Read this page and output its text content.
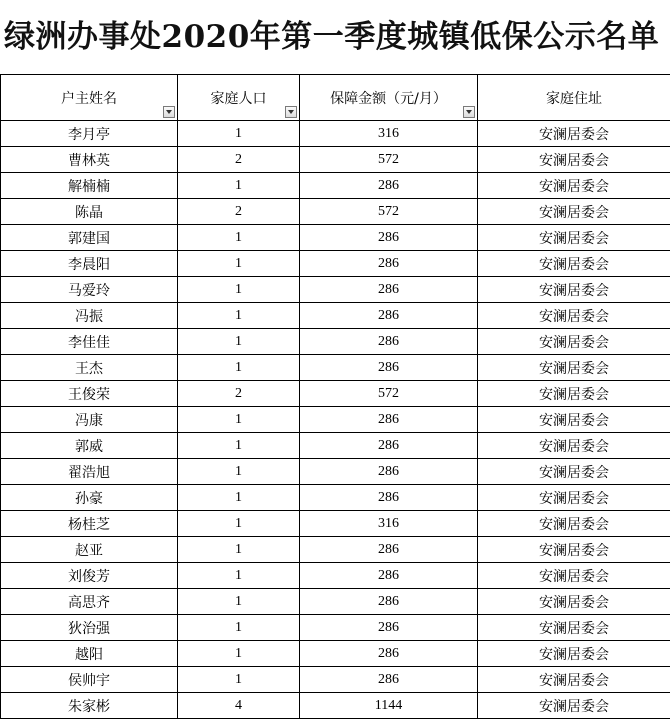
绿洲办事处2020年第一季度城镇低保公示名单
户主姓名	家庭人口	保障金额（元/月）	家庭住址
李月亭	1	316	安澜居委会
曹林英	2	572	安澜居委会
解楠楠	1	286	安澜居委会
陈晶	2	572	安澜居委会
郭建国	1	286	安澜居委会
李晨阳	1	286	安澜居委会
马爱玲	1	286	安澜居委会
冯振	1	286	安澜居委会
李佳佳	1	286	安澜居委会
王杰	1	286	安澜居委会
王俊荣	2	572	安澜居委会
冯康	1	286	安澜居委会
郭威	1	286	安澜居委会
翟浩旭	1	286	安澜居委会
孙豪	1	286	安澜居委会
杨桂芝	1	316	安澜居委会
赵亚	1	286	安澜居委会
刘俊芳	1	286	安澜居委会
高思齐	1	286	安澜居委会
狄治强	1	286	安澜居委会
越阳	1	286	安澜居委会
侯帅宇	1	286	安澜居委会
朱家彬	4	1144	安澜居委会
